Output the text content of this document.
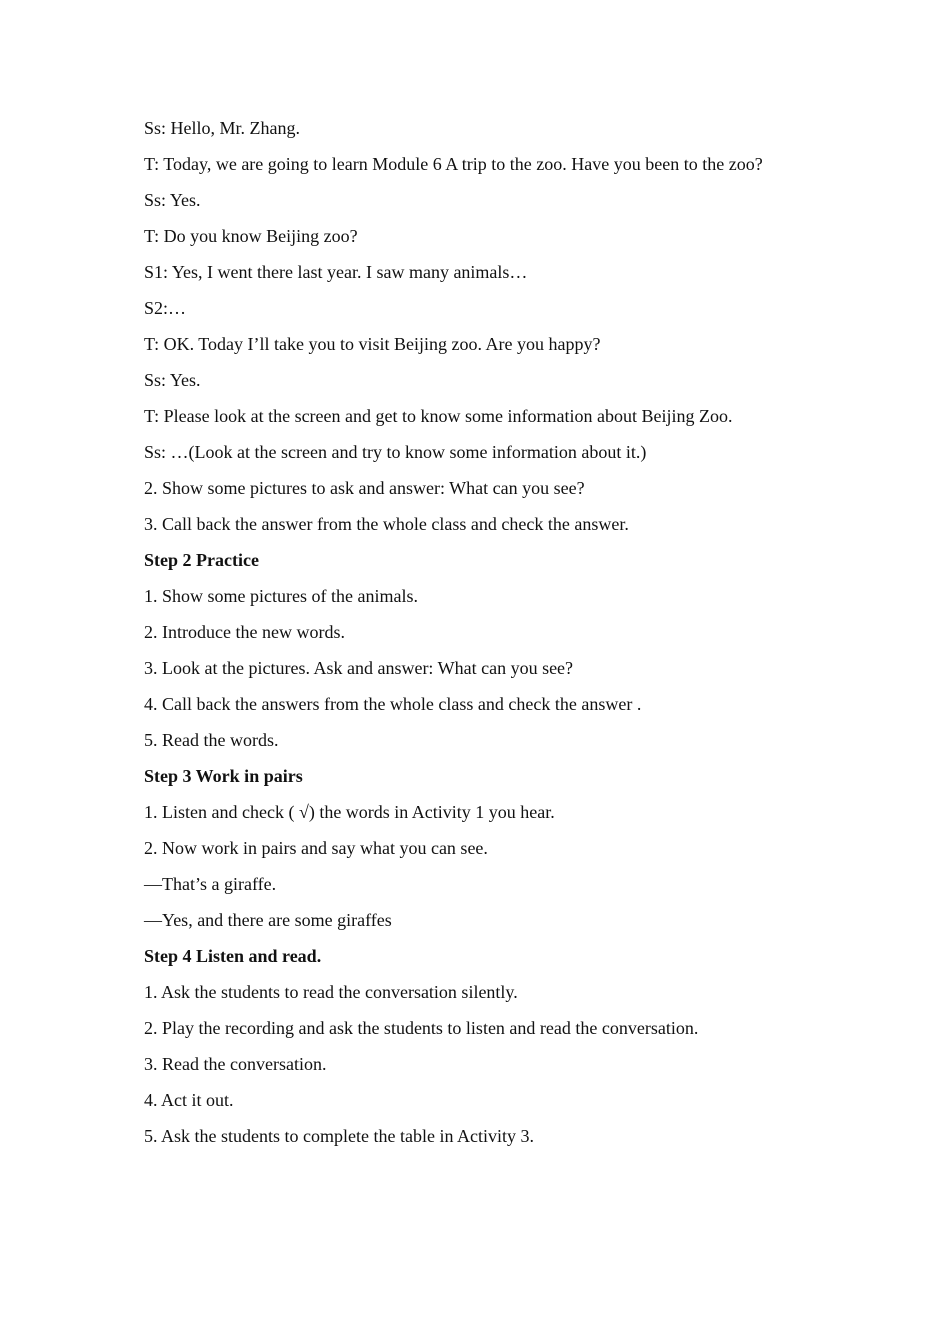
Ss: Hello, Mr. Zhang.
T: Today, we are going to learn Module 6 A trip to the zoo. Have you been to the zoo?
Ss: Yes.
T: Do you know Beijing zoo?
S1: Yes, I went there last year. I saw many animals…
S2:…
T: OK. Today I’ll take you to visit Beijing zoo. Are you happy?
Ss: Yes.
T: Please look at the screen and get to know some information about Beijing Zoo.
Ss: …(Look at the screen and try to know some information about it.)
2. Show some pictures to ask and answer: What can you see?
3. Call back the answer from the whole class and check the answer.
Step 2 Practice
1. Show some pictures of the animals.
2. Introduce the new words.
3. Look at the pictures. Ask and answer: What can you see?
4. Call back the answers from the whole class and check the answer .
5. Read the words.
Step 3 Work in pairs
1. Listen and check ( √) the words in Activity 1 you hear.
2. Now work in pairs and say what you can see.
—That’s a giraffe.
—Yes, and there are some giraffes
Step 4 Listen and read.
1. Ask the students to read the conversation silently.
2. Play the recording and ask the students to listen and read the conversation.
3. Read the conversation.
4. Act it out.
5. Ask the students to complete the table in Activity 3.
